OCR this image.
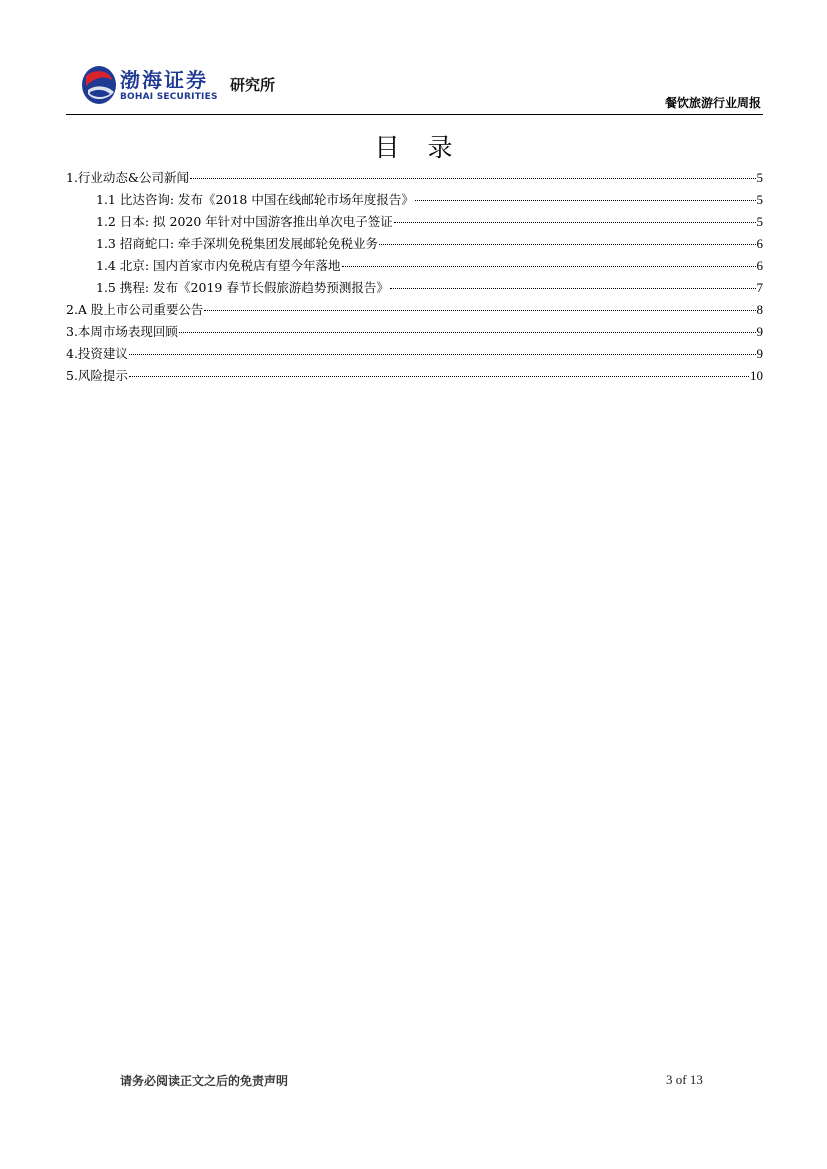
渤海证券
BOHAI SECURITIES
研究所
餐饮旅游行业周报
目录
1.行业动态&公司新闻	5
1.1 比达咨询: 发布《2018 中国在线邮轮市场年度报告》	5
1.2 日本: 拟 2020 年针对中国游客推出单次电子签证	5
1.3 招商蛇口: 牵手深圳免税集团发展邮轮免税业务	6
1.4 北京: 国内首家市内免税店有望今年落地	6
1.5 携程: 发布《2019 春节长假旅游趋势预测报告》	7
2.A 股上市公司重要公告	8
3.本周市场表现回顾	9
4.投资建议	9
5.风险提示	10
请务必阅读正文之后的免责声明	3 of 13
